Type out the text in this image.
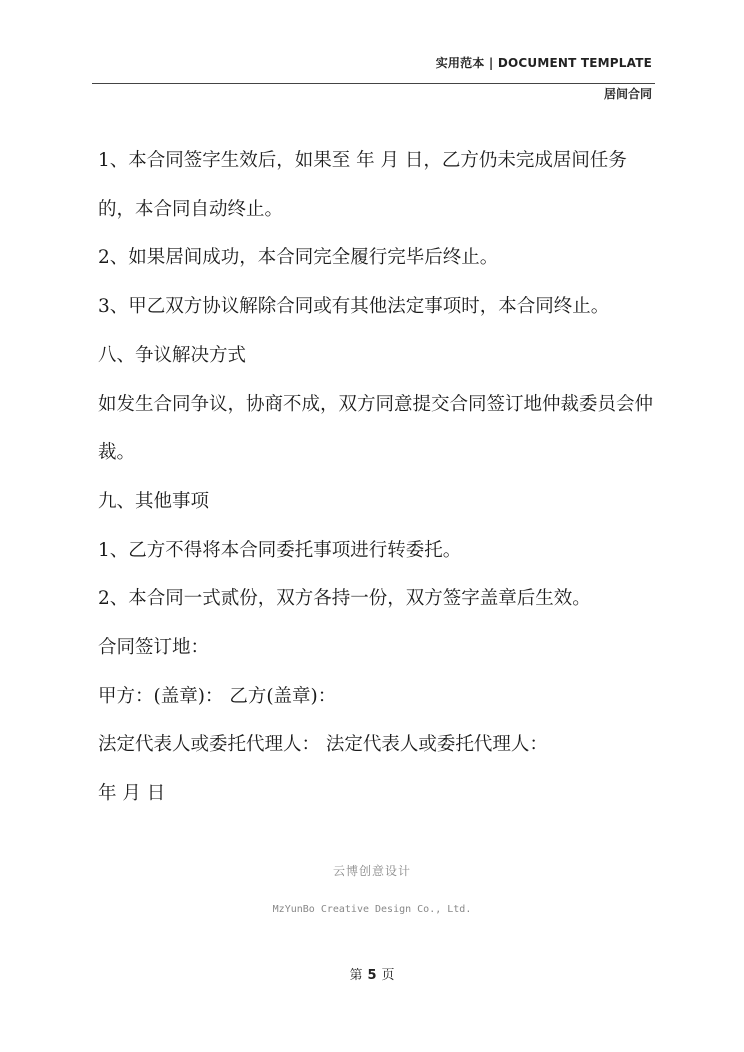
实用范本 | DOCUMENT TEMPLATE
居间合同

1、本合同签字生效后，如果至 年 月 日，乙方仍未完成居间任务的，本合同自动终止。

2、如果居间成功，本合同完全履行完毕后终止。

3、甲乙双方协议解除合同或有其他法定事项时，本合同终止。

八、争议解决方式

如发生合同争议，协商不成，双方同意提交合同签订地仲裁委员会仲裁。

九、其他事项

1、乙方不得将本合同委托事项进行转委托。

2、本合同一式贰份，双方各持一份，双方签字盖章后生效。

合同签订地：

甲方：(盖章)： 乙方(盖章)：

法定代表人或委托代理人： 法定代表人或委托代理人：

年 月 日

云博创意设计
MzYunBo Creative Design Co., Ltd.
第 5 页
